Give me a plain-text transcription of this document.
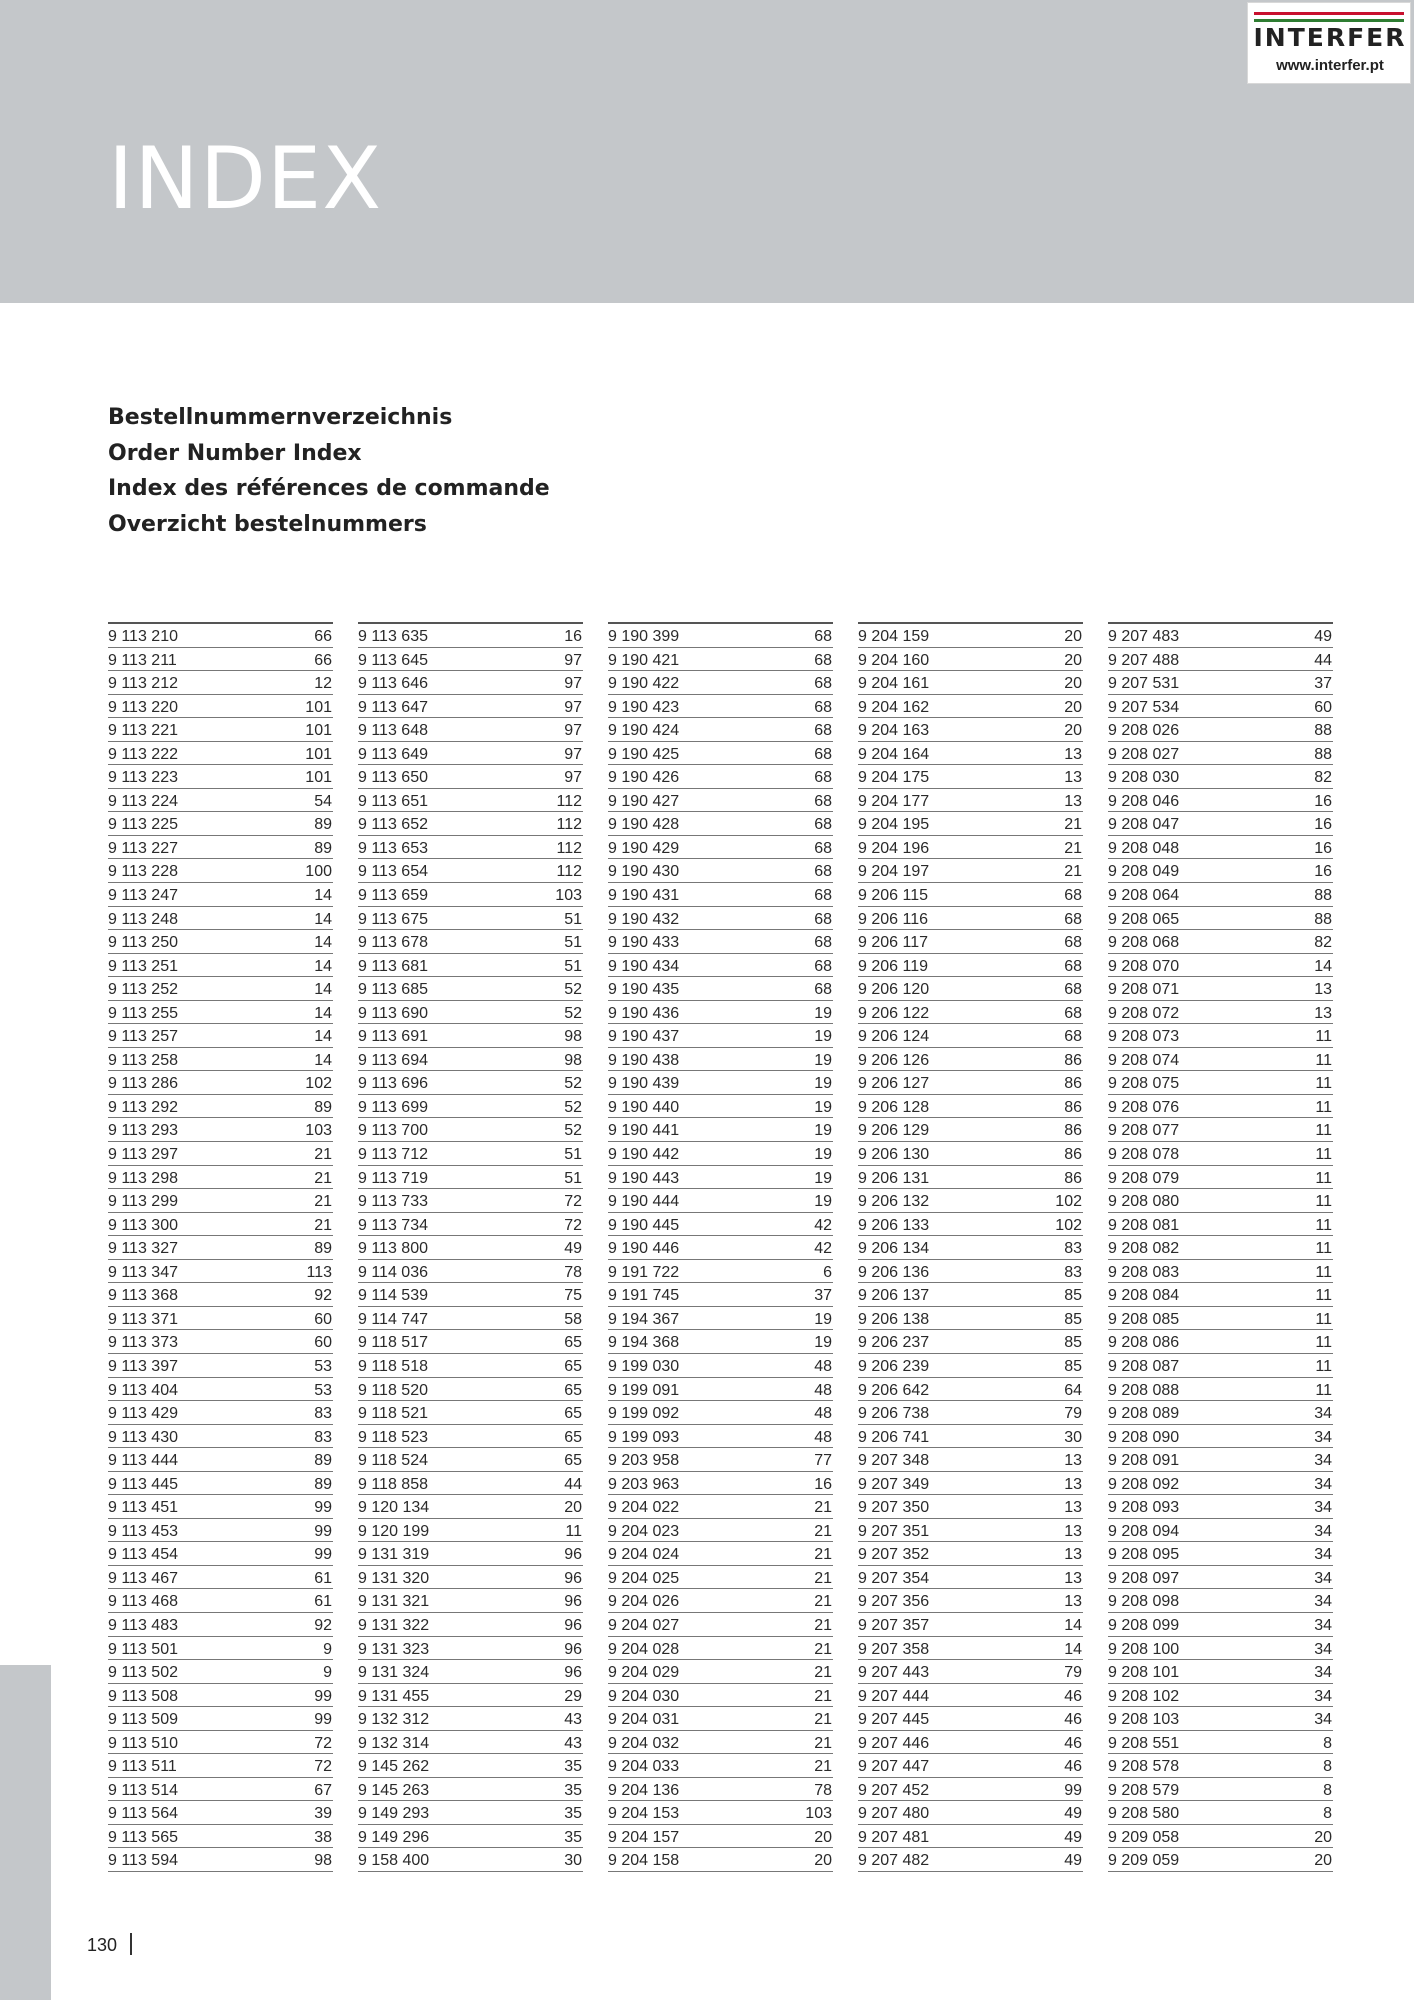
INDEX
INTERFER
www.interfer.pt
Bestellnummernverzeichnis
Order Number Index
Index des références de commande
Overzicht bestelnummers
9 113 210	66
9 113 211	66
9 113 212	12
9 113 220	101
9 113 221	101
9 113 222	101
9 113 223	101
9 113 224	54
9 113 225	89
9 113 227	89
9 113 228	100
9 113 247	14
9 113 248	14
9 113 250	14
9 113 251	14
9 113 252	14
9 113 255	14
9 113 257	14
9 113 258	14
9 113 286	102
9 113 292	89
9 113 293	103
9 113 297	21
9 113 298	21
9 113 299	21
9 113 300	21
9 113 327	89
9 113 347	113
9 113 368	92
9 113 371	60
9 113 373	60
9 113 397	53
9 113 404	53
9 113 429	83
9 113 430	83
9 113 444	89
9 113 445	89
9 113 451	99
9 113 453	99
9 113 454	99
9 113 467	61
9 113 468	61
9 113 483	92
9 113 501	9
9 113 502	9
9 113 508	99
9 113 509	99
9 113 510	72
9 113 511	72
9 113 514	67
9 113 564	39
9 113 565	38
9 113 594	98
9 113 635	16
9 113 645	97
9 113 646	97
9 113 647	97
9 113 648	97
9 113 649	97
9 113 650	97
9 113 651	112
9 113 652	112
9 113 653	112
9 113 654	112
9 113 659	103
9 113 675	51
9 113 678	51
9 113 681	51
9 113 685	52
9 113 690	52
9 113 691	98
9 113 694	98
9 113 696	52
9 113 699	52
9 113 700	52
9 113 712	51
9 113 719	51
9 113 733	72
9 113 734	72
9 113 800	49
9 114 036	78
9 114 539	75
9 114 747	58
9 118 517	65
9 118 518	65
9 118 520	65
9 118 521	65
9 118 523	65
9 118 524	65
9 118 858	44
9 120 134	20
9 120 199	11
9 131 319	96
9 131 320	96
9 131 321	96
9 131 322	96
9 131 323	96
9 131 324	96
9 131 455	29
9 132 312	43
9 132 314	43
9 145 262	35
9 145 263	35
9 149 293	35
9 149 296	35
9 158 400	30
9 190 399	68
9 190 421	68
9 190 422	68
9 190 423	68
9 190 424	68
9 190 425	68
9 190 426	68
9 190 427	68
9 190 428	68
9 190 429	68
9 190 430	68
9 190 431	68
9 190 432	68
9 190 433	68
9 190 434	68
9 190 435	68
9 190 436	19
9 190 437	19
9 190 438	19
9 190 439	19
9 190 440	19
9 190 441	19
9 190 442	19
9 190 443	19
9 190 444	19
9 190 445	42
9 190 446	42
9 191 722	6
9 191 745	37
9 194 367	19
9 194 368	19
9 199 030	48
9 199 091	48
9 199 092	48
9 199 093	48
9 203 958	77
9 203 963	16
9 204 022	21
9 204 023	21
9 204 024	21
9 204 025	21
9 204 026	21
9 204 027	21
9 204 028	21
9 204 029	21
9 204 030	21
9 204 031	21
9 204 032	21
9 204 033	21
9 204 136	78
9 204 153	103
9 204 157	20
9 204 158	20
9 204 159	20
9 204 160	20
9 204 161	20
9 204 162	20
9 204 163	20
9 204 164	13
9 204 175	13
9 204 177	13
9 204 195	21
9 204 196	21
9 204 197	21
9 206 115	68
9 206 116	68
9 206 117	68
9 206 119	68
9 206 120	68
9 206 122	68
9 206 124	68
9 206 126	86
9 206 127	86
9 206 128	86
9 206 129	86
9 206 130	86
9 206 131	86
9 206 132	102
9 206 133	102
9 206 134	83
9 206 136	83
9 206 137	85
9 206 138	85
9 206 237	85
9 206 239	85
9 206 642	64
9 206 738	79
9 206 741	30
9 207 348	13
9 207 349	13
9 207 350	13
9 207 351	13
9 207 352	13
9 207 354	13
9 207 356	13
9 207 357	14
9 207 358	14
9 207 443	79
9 207 444	46
9 207 445	46
9 207 446	46
9 207 447	46
9 207 452	99
9 207 480	49
9 207 481	49
9 207 482	49
9 207 483	49
9 207 488	44
9 207 531	37
9 207 534	60
9 208 026	88
9 208 027	88
9 208 030	82
9 208 046	16
9 208 047	16
9 208 048	16
9 208 049	16
9 208 064	88
9 208 065	88
9 208 068	82
9 208 070	14
9 208 071	13
9 208 072	13
9 208 073	11
9 208 074	11
9 208 075	11
9 208 076	11
9 208 077	11
9 208 078	11
9 208 079	11
9 208 080	11
9 208 081	11
9 208 082	11
9 208 083	11
9 208 084	11
9 208 085	11
9 208 086	11
9 208 087	11
9 208 088	11
9 208 089	34
9 208 090	34
9 208 091	34
9 208 092	34
9 208 093	34
9 208 094	34
9 208 095	34
9 208 097	34
9 208 098	34
9 208 099	34
9 208 100	34
9 208 101	34
9 208 102	34
9 208 103	34
9 208 551	8
9 208 578	8
9 208 579	8
9 208 580	8
9 209 058	20
9 209 059	20
130
